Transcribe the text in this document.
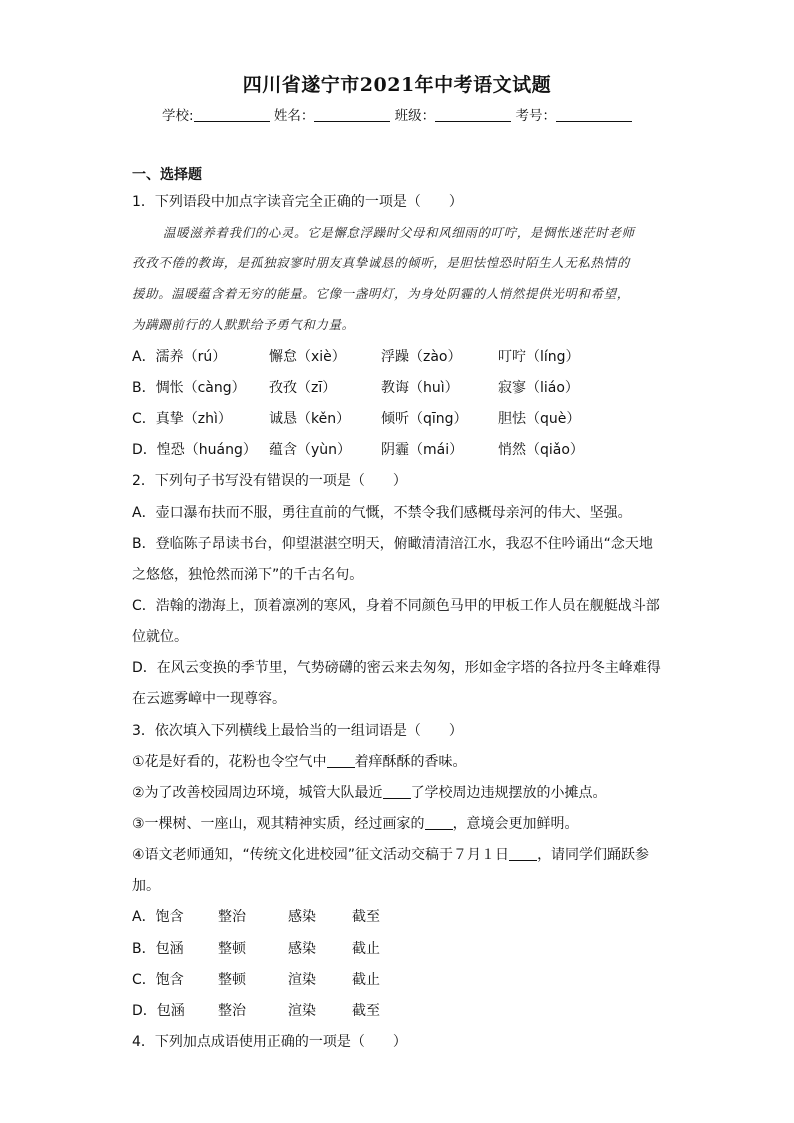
四川省遂宁市2021年中考语文试题
学校:	姓名：	班级：	考号：
一、选择题
1．下列语段中加点字读音完全正确的一项是（　　）
温暖滋养着我们的心灵。它是懈怠浮躁时父母和风细雨的叮咛，是惆怅迷茫时老师
孜孜不倦的教诲，是孤独寂寥时朋友真挚诚恳的倾听，是胆怯惶恐时陌生人无私热情的
援助。温暖蕴含着无穷的能量。它像一盏明灯，为身处阴霾的人悄然提供光明和希望，
为蹒跚前行的人默默给予勇气和力量。
A．濡养（rú）	懈怠（xiè）	浮躁（zào）	叮咛（líng）
B．惆怅（càng） 孜孜（zī）	教诲（huì）	寂寥（liáo）
C．真挚（zhì）	诚恳（kěn） 倾听（qīng） 胆怯（què）
D．惶恐（huáng） 蕴含（yùn） 阴霾（mái） 悄然（qiǎo）
2．下列句子书写没有错误的一项是（　　）
A．壶口瀑布扶而不服，勇往直前的气慨，不禁令我们感概母亲河的伟大、坚强。
B．登临陈子昂读书台，仰望湛湛空明天，俯瞰清清涪江水，我忍不住吟诵出“念天地
之悠悠，独怆然而涕下”的千古名句。
C．浩翰的渤海上，顶着凛冽的寒风，身着不同颜色马甲的甲板工作人员在舰艇战斗部
位就位。
D．在风云变换的季节里，气势磅礴的密云来去匆匆，形如金字塔的各拉丹冬主峰难得
在云遮雾嶂中一现尊容。
3．依次填入下列横线上最恰当的一组词语是（　　）
①花是好看的，花粉也令空气中 着痒酥酥的香味。
②为了改善校园周边环境，城管大队最近 了学校周边违规摆放的小摊点。
③一棵树、一座山，观其精神实质，经过画家的 ，意境会更加鲜明。
④语文老师通知，“传统文化进校园”征文活动交稿于７月１日 ，请同学们踊跃参
加。
A．饱含 整治	感染	截至
B．包涵 整顿	感染	截止
C．饱含 整顿	渲染	截止
D．包涵 整治	渲染	截至
4．下列加点成语使用正确的一项是（　　）
